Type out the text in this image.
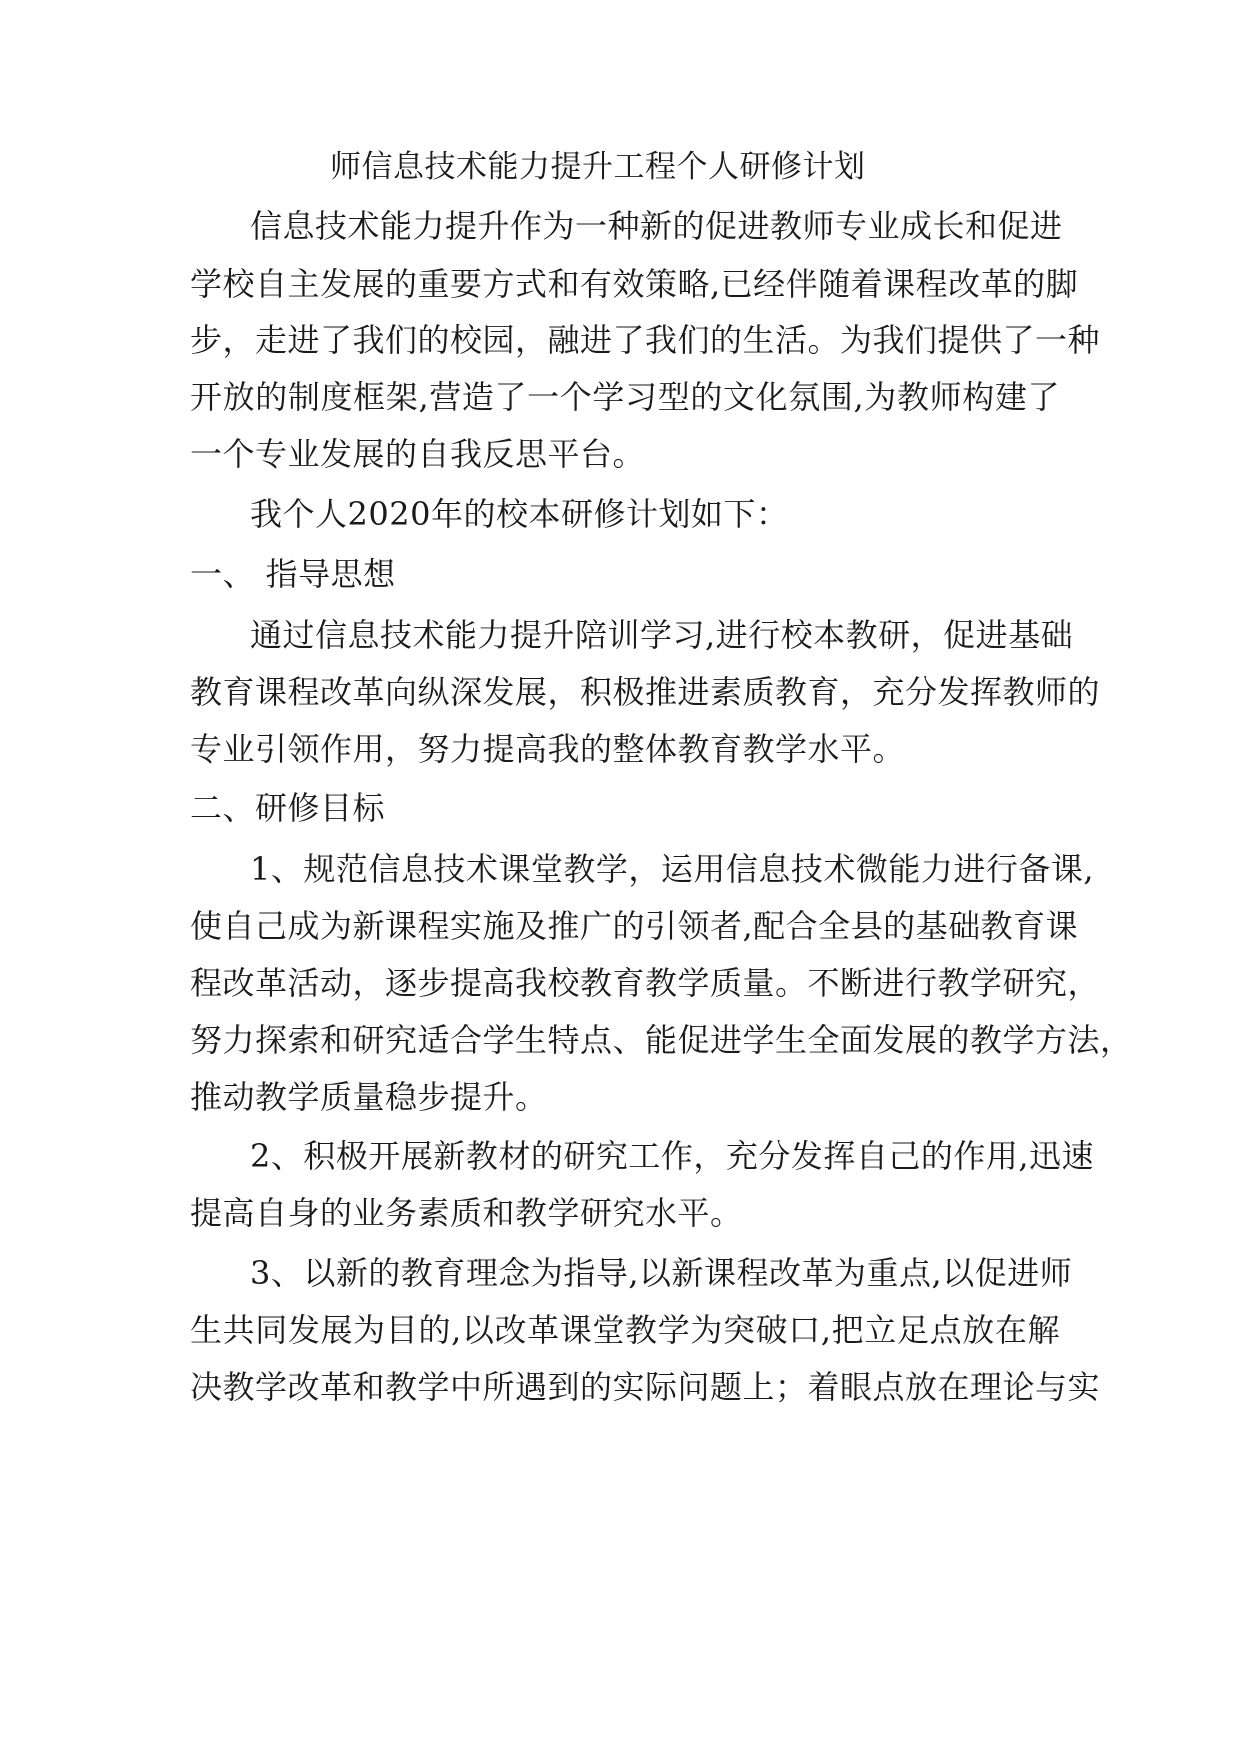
师信息技术能力提升工程个人研修计划
信息技术能力提升作为一种新的促进教师专业成长和促进
学校自主发展的重要方式和有效策略,已经伴随着课程改革的脚
步，走进了我们的校园，融进了我们的生活。为我们提供了一种
开放的制度框架,营造了一个学习型的文化氛围,为教师构建了
一个专业发展的自我反思平台。
我个人2020年的校本研修计划如下：
一、 指导思想
通过信息技术能力提升陪训学习,进行校本教研，促进基础
教育课程改革向纵深发展，积极推进素质教育，充分发挥教师的
专业引领作用，努力提高我的整体教育教学水平。
二、研修目标
1、规范信息技术课堂教学，运用信息技术微能力进行备课,
使自己成为新课程实施及推广的引领者,配合全县的基础教育课
程改革活动，逐步提高我校教育教学质量。不断进行教学研究，
努力探索和研究适合学生特点、能促进学生全面发展的教学方法，
推动教学质量稳步提升。
2、积极开展新教材的研究工作，充分发挥自己的作用,迅速
提高自身的业务素质和教学研究水平。
3、以新的教育理念为指导,以新课程改革为重点,以促进师
生共同发展为目的,以改革课堂教学为突破口,把立足点放在解
决教学改革和教学中所遇到的实际问题上；着眼点放在理论与实
